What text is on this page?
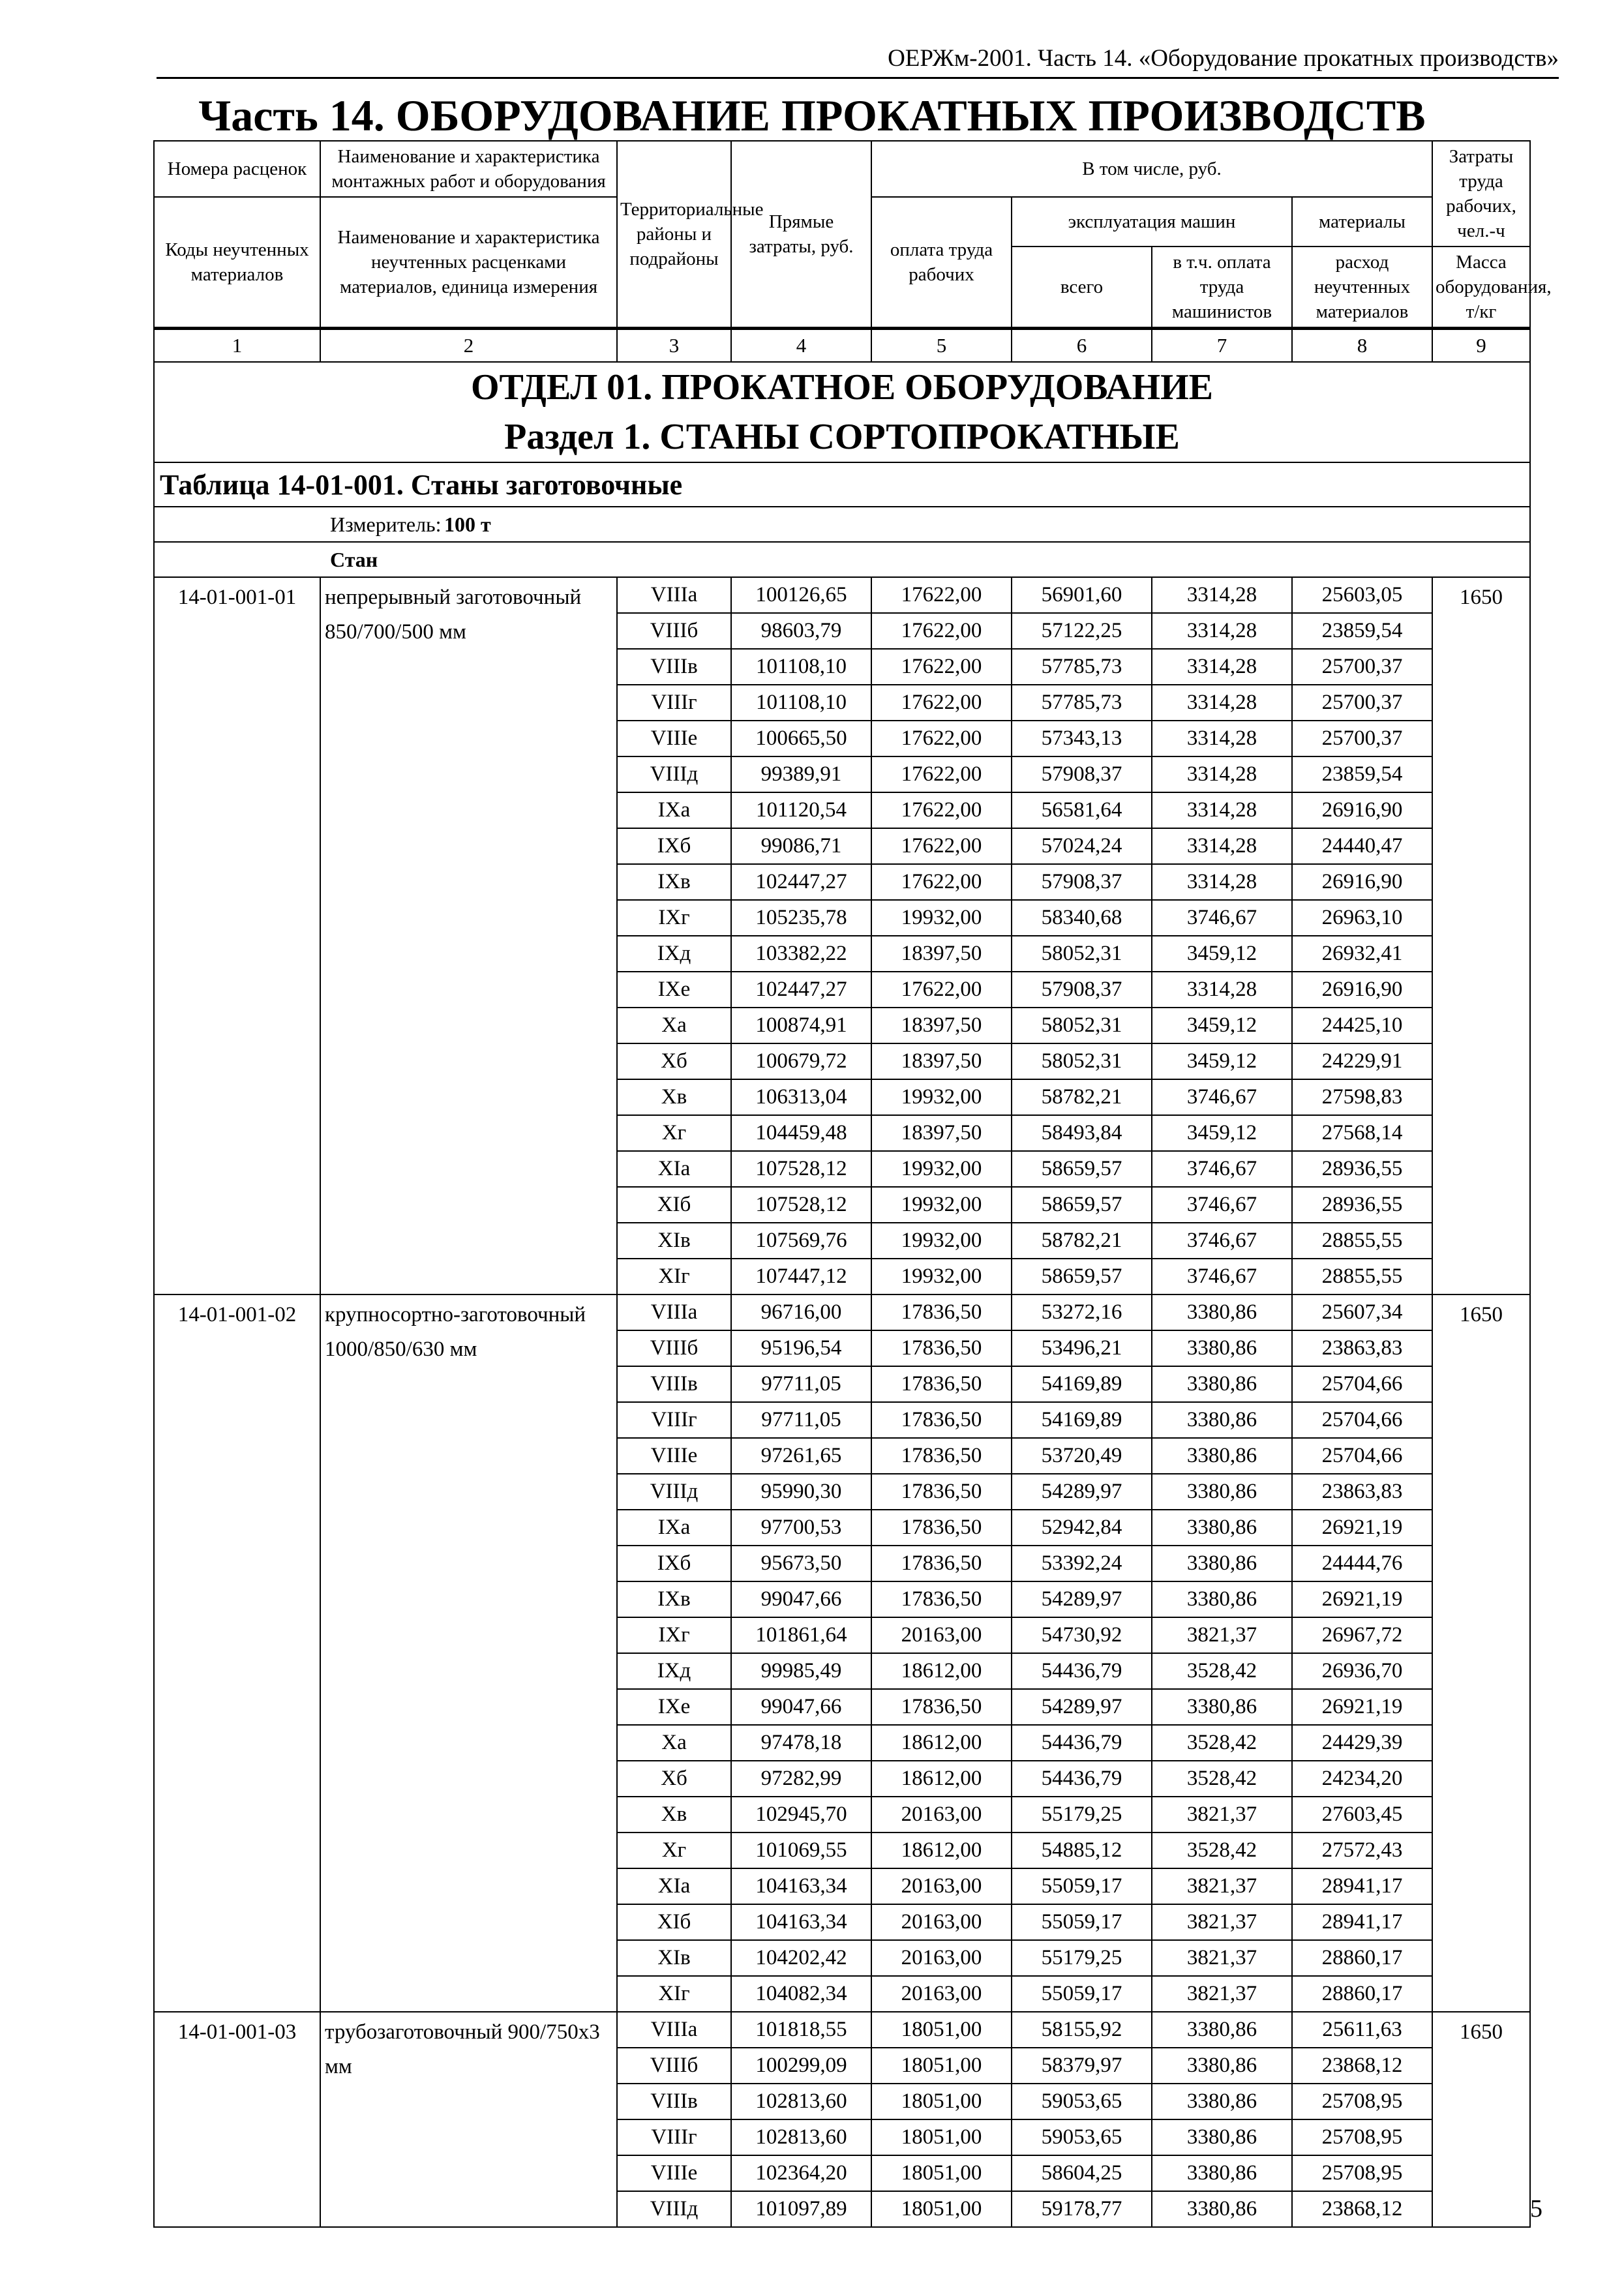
ОЕРЖм-2001. Часть 14. «Оборудование прокатных производств»
Часть 14. ОБОРУДОВАНИЕ ПРОКАТНЫХ ПРОИЗВОДСТВ
Номера расценок	Наименование и характеристика монтажных работ и оборудования	Территориальные районы и подрайоны	Прямые затраты, руб.	В том числе, руб.				Затраты труда рабочих, чел.-ч
Коды неучтенных материалов	Наименование и характеристика неучтенных расценками материалов, единица измерения			оплата труда рабочих	эксплуатация машин		материалы	
					всего	в т.ч. оплата труда машинистов	расход неучтенных материалов	Масса оборудования, т/кг
1	2	3	4	5	6	7	8	9
ОТДЕЛ 01. ПРОКАТНОЕ ОБОРУДОВАНИЕ								
Раздел 1. СТАНЫ СОРТОПРОКАТНЫЕ								
Таблица 14-01-001. Станы заготовочные								
Измеритель: 100 т								
Стан								
14-01-001-01	непрерывный заготовочный 850/700/500 мм	VIIIа	100126,65	17622,00	56901,60	3314,28	25603,05	1650
		VIIIб	98603,79	17622,00	57122,25	3314,28	23859,54	
		VIIIв	101108,10	17622,00	57785,73	3314,28	25700,37	
		VIIIг	101108,10	17622,00	57785,73	3314,28	25700,37	
		VIIIе	100665,50	17622,00	57343,13	3314,28	25700,37	
		VIIIд	99389,91	17622,00	57908,37	3314,28	23859,54	
		IXа	101120,54	17622,00	56581,64	3314,28	26916,90	
		IXб	99086,71	17622,00	57024,24	3314,28	24440,47	
		IXв	102447,27	17622,00	57908,37	3314,28	26916,90	
		IXг	105235,78	19932,00	58340,68	3746,67	26963,10	
		IXд	103382,22	18397,50	58052,31	3459,12	26932,41	
		IXе	102447,27	17622,00	57908,37	3314,28	26916,90	
		Xа	100874,91	18397,50	58052,31	3459,12	24425,10	
		Xб	100679,72	18397,50	58052,31	3459,12	24229,91	
		Xв	106313,04	19932,00	58782,21	3746,67	27598,83	
		Xг	104459,48	18397,50	58493,84	3459,12	27568,14	
		XIа	107528,12	19932,00	58659,57	3746,67	28936,55	
		XIб	107528,12	19932,00	58659,57	3746,67	28936,55	
		XIв	107569,76	19932,00	58782,21	3746,67	28855,55	
		XIг	107447,12	19932,00	58659,57	3746,67	28855,55	
14-01-001-02	крупносортно-заготовочный 1000/850/630 мм	VIIIа	96716,00	17836,50	53272,16	3380,86	25607,34	1650
		VIIIб	95196,54	17836,50	53496,21	3380,86	23863,83	
		VIIIв	97711,05	17836,50	54169,89	3380,86	25704,66	
		VIIIг	97711,05	17836,50	54169,89	3380,86	25704,66	
		VIIIе	97261,65	17836,50	53720,49	3380,86	25704,66	
		VIIIд	95990,30	17836,50	54289,97	3380,86	23863,83	
		IXа	97700,53	17836,50	52942,84	3380,86	26921,19	
		IXб	95673,50	17836,50	53392,24	3380,86	24444,76	
		IXв	99047,66	17836,50	54289,97	3380,86	26921,19	
		IXг	101861,64	20163,00	54730,92	3821,37	26967,72	
		IXд	99985,49	18612,00	54436,79	3528,42	26936,70	
		IXе	99047,66	17836,50	54289,97	3380,86	26921,19	
		Xа	97478,18	18612,00	54436,79	3528,42	24429,39	
		Xб	97282,99	18612,00	54436,79	3528,42	24234,20	
		Xв	102945,70	20163,00	55179,25	3821,37	27603,45	
		Xг	101069,55	18612,00	54885,12	3528,42	27572,43	
		XIа	104163,34	20163,00	55059,17	3821,37	28941,17	
		XIб	104163,34	20163,00	55059,17	3821,37	28941,17	
		XIв	104202,42	20163,00	55179,25	3821,37	28860,17	
		XIг	104082,34	20163,00	55059,17	3821,37	28860,17	
14-01-001-03	трубозаготовочный 900/750х3 мм	VIIIа	101818,55	18051,00	58155,92	3380,86	25611,63	1650
		VIIIб	100299,09	18051,00	58379,97	3380,86	23868,12	
		VIIIв	102813,60	18051,00	59053,65	3380,86	25708,95	
		VIIIг	102813,60	18051,00	59053,65	3380,86	25708,95	
		VIIIе	102364,20	18051,00	58604,25	3380,86	25708,95	
		VIIIд	101097,89	18051,00	59178,77	3380,86	23868,12		5
